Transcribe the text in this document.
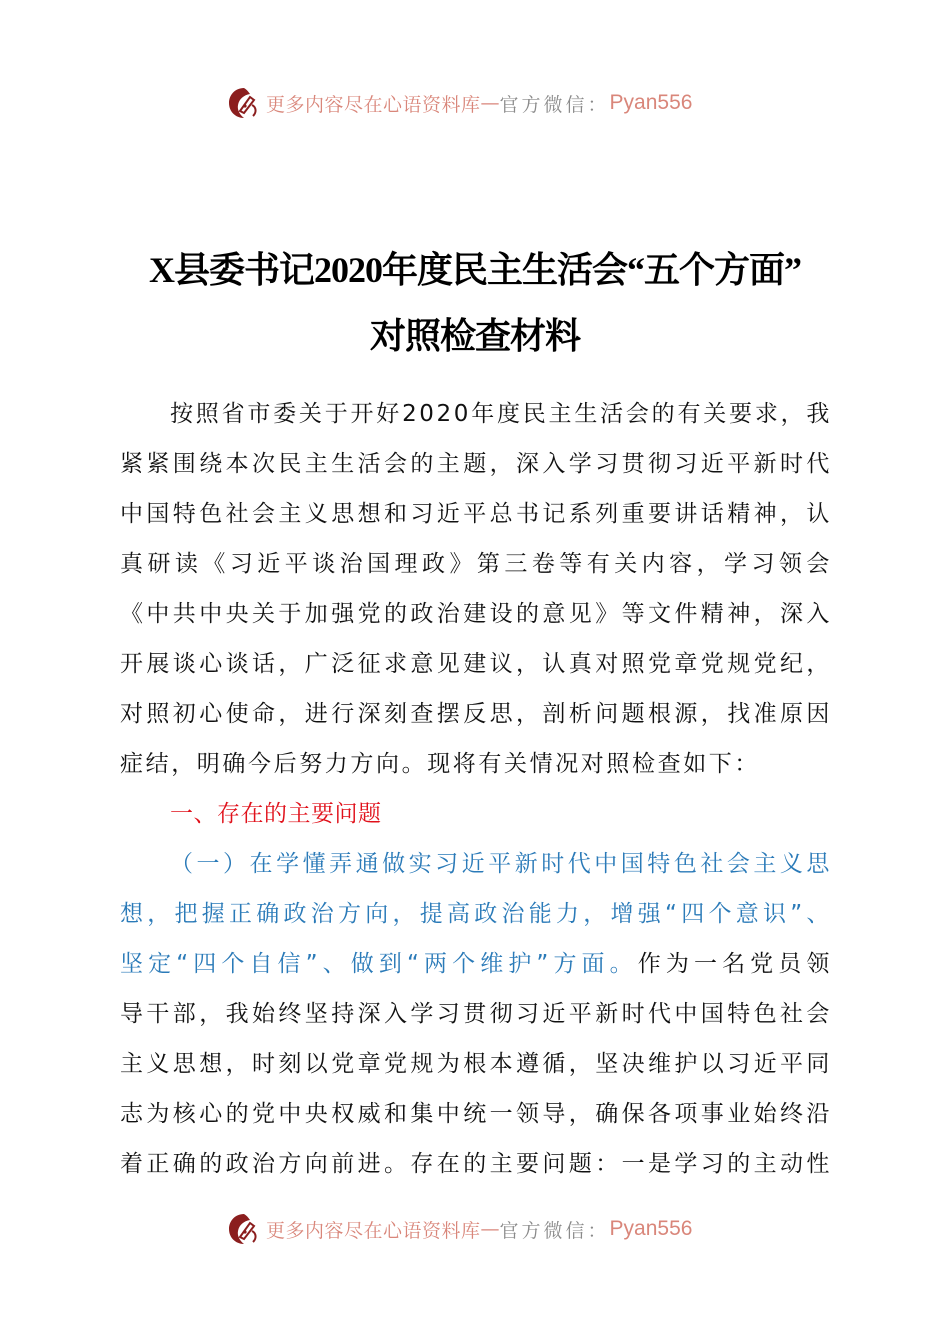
更多内容尽在心语资料库 — 官方微信： Pyan556
X县委书记2020年度民主生活会“五个方面”
对照检查材料
按照省市委关于开好2020年度民主生活会的有关要求，我
紧紧围绕本次民主生活会的主题，深入学习贯彻习近平新时代
中国特色社会主义思想和习近平总书记系列重要讲话精神，认
真研读《习近平谈治国理政》第三卷等有关内容，学习领会
《中共中央关于加强党的政治建设的意见》等文件精神，深入
开展谈心谈话，广泛征求意见建议，认真对照党章党规党纪，
对照初心使命，进行深刻查摆反思，剖析问题根源，找准原因
症结，明确今后努力方向。现将有关情况对照检查如下：
一、存在的主要问题
（一）在学懂弄通做实习近平新时代中国特色社会主义思
想，把握正确政治方向，提高政治能力，增强“四个意识”、
坚定“四个自信”、做到“两个维护”方面。作为一名党员领
导干部，我始终坚持深入学习贯彻习近平新时代中国特色社会
主义思想，时刻以党章党规为根本遵循，坚决维护以习近平同
志为核心的党中央权威和集中统一领导，确保各项事业始终沿
着正确的政治方向前进。存在的主要问题：一是学习的主动性
更多内容尽在心语资料库 — 官方微信： Pyan556
